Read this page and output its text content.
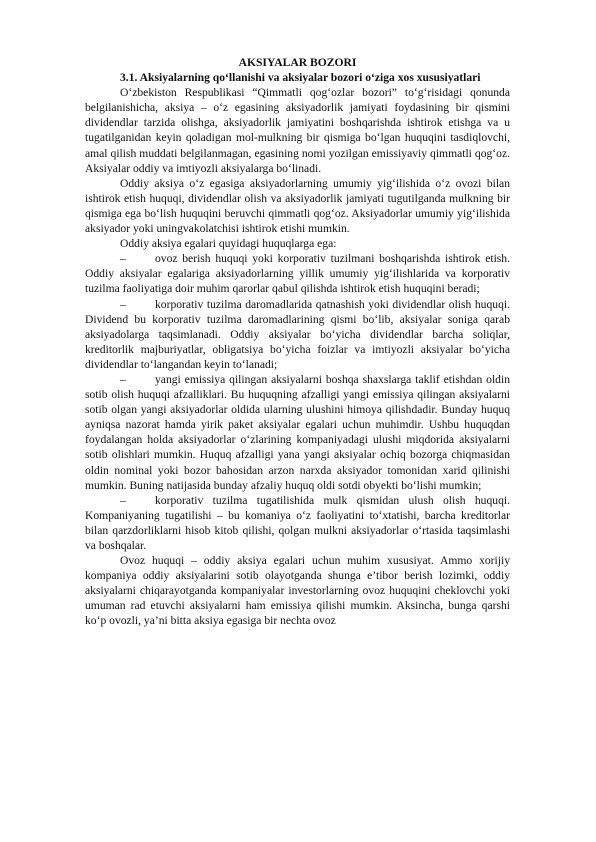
AKSIYALAR BOZORI

3.1. Aksiyalarning qo‘llanishi va aksiyalar bozori o‘ziga xos xususiyatlari

O‘zbekiston Respublikasi “Qimmatli qog‘ozlar bozori” to‘g‘risidagi qonunda belgilanishicha, aksiya – o‘z egasining aksiyadorlik jamiyati foydasining bir qismini dividendlar tarzida olishga, aksiyadorlik jamiyatini boshqarishda ishtirok etishga va u tugatilganidan keyin qoladigan mol-mulkning bir qismiga bo‘lgan huquqini tasdiqlovchi, amal qilish muddati belgilanmagan, egasining nomi yozilgan emissiyaviy qimmatli qog‘oz. Aksiyalar oddiy va imtiyozli aksiyalarga bo‘linadi.

Oddiy aksiya o‘z egasiga aksiyadorlarning umumiy yig‘ilishida o‘z ovozi bilan ishtirok etish huquqi, dividendlar olish va aksiyadorlik jamiyati tugutilganda mulkning bir qismiga ega bo‘lish huquqini beruvchi qimmatli qog‘oz. Aksiyadorlar umumiy yig‘ilishida aksiyador yoki uningvakolatchisi ishtirok etishi mumkin.

Oddiy aksiya egalari quyidagi huquqlarga ega:

–	ovoz berish huquqi yoki korporativ tuzilmani boshqarishda ishtirok etish. Oddiy aksiyalar egalariga aksiyadorlarning yillik umumiy yig‘ilishlarida va korporativ tuzilma faoliyatiga doir muhim qarorlar qabul qilishda ishtirok etish huquqini beradi;

–	korporativ tuzilma daromadlarida qatnashish yoki dividendlar olish huquqi. Dividend bu korporativ tuzilma daromadlarining qismi bo‘lib, aksiyalar soniga qarab aksiyadolarga taqsimlanadi. Oddiy aksiyalar bo‘yicha dividendlar barcha soliqlar, kreditorlik majburiyatlar, obligatsiya bo‘yicha foizlar va imtiyozli aksiyalar bo‘yicha dividendlar to‘langandan keyin to‘lanadi;

–	yangi emissiya qilingan aksiyalarni boshqa shaxslarga taklif etishdan oldin sotib olish huquqi afzalliklari. Bu huquqning afzalligi yangi emissiya qilingan aksiyalarni sotib olgan yangi aksiyadorlar oldida ularning ulushini himoya qilishdadir. Bunday huquq ayniqsa nazorat hamda yirik paket aksiyalar egalari uchun muhimdir. Ushbu huquqdan foydalangan holda aksiyadorlar o‘zlarining kompaniyadagi ulushi miqdorida aksiyalarni sotib olishlari mumkin. Huquq afzalligi yana yangi aksiyalar ochiq bozorga chiqmasidan oldin nominal yoki bozor bahosidan arzon narxda aksiyador tomonidan xarid qilinishi mumkin. Buning natijasida bunday afzaliy huquq oldi sotdi obyekti bo‘lishi mumkin;

–	korporativ tuzilma tugatilishida mulk qismidan ulush olish huquqi. Kompaniyaning tugatilishi – bu komaniya o‘z faoliyatini to‘xtatishi, barcha kreditorlar bilan qarzdorliklarni hisob kitob qilishi, qolgan mulkni aksiyadorlar o‘rtasida taqsimlashi va boshqalar.

Ovoz huquqi – oddiy aksiya egalari uchun muhim xususiyat. Ammo xorijiy kompaniya oddiy aksiyalarini sotib olayotganda shunga e’tibor berish lozimki, oddiy aksiyalarni chiqarayotganda kompaniyalar investorlarning ovoz huquqini cheklovchi yoki umuman rad etuvchi aksiyalarni ham emissiya qilishi mumkin. Aksincha, bunga qarshi ko‘p ovozli, ya’ni bitta aksiya egasiga bir nechta ovoz
